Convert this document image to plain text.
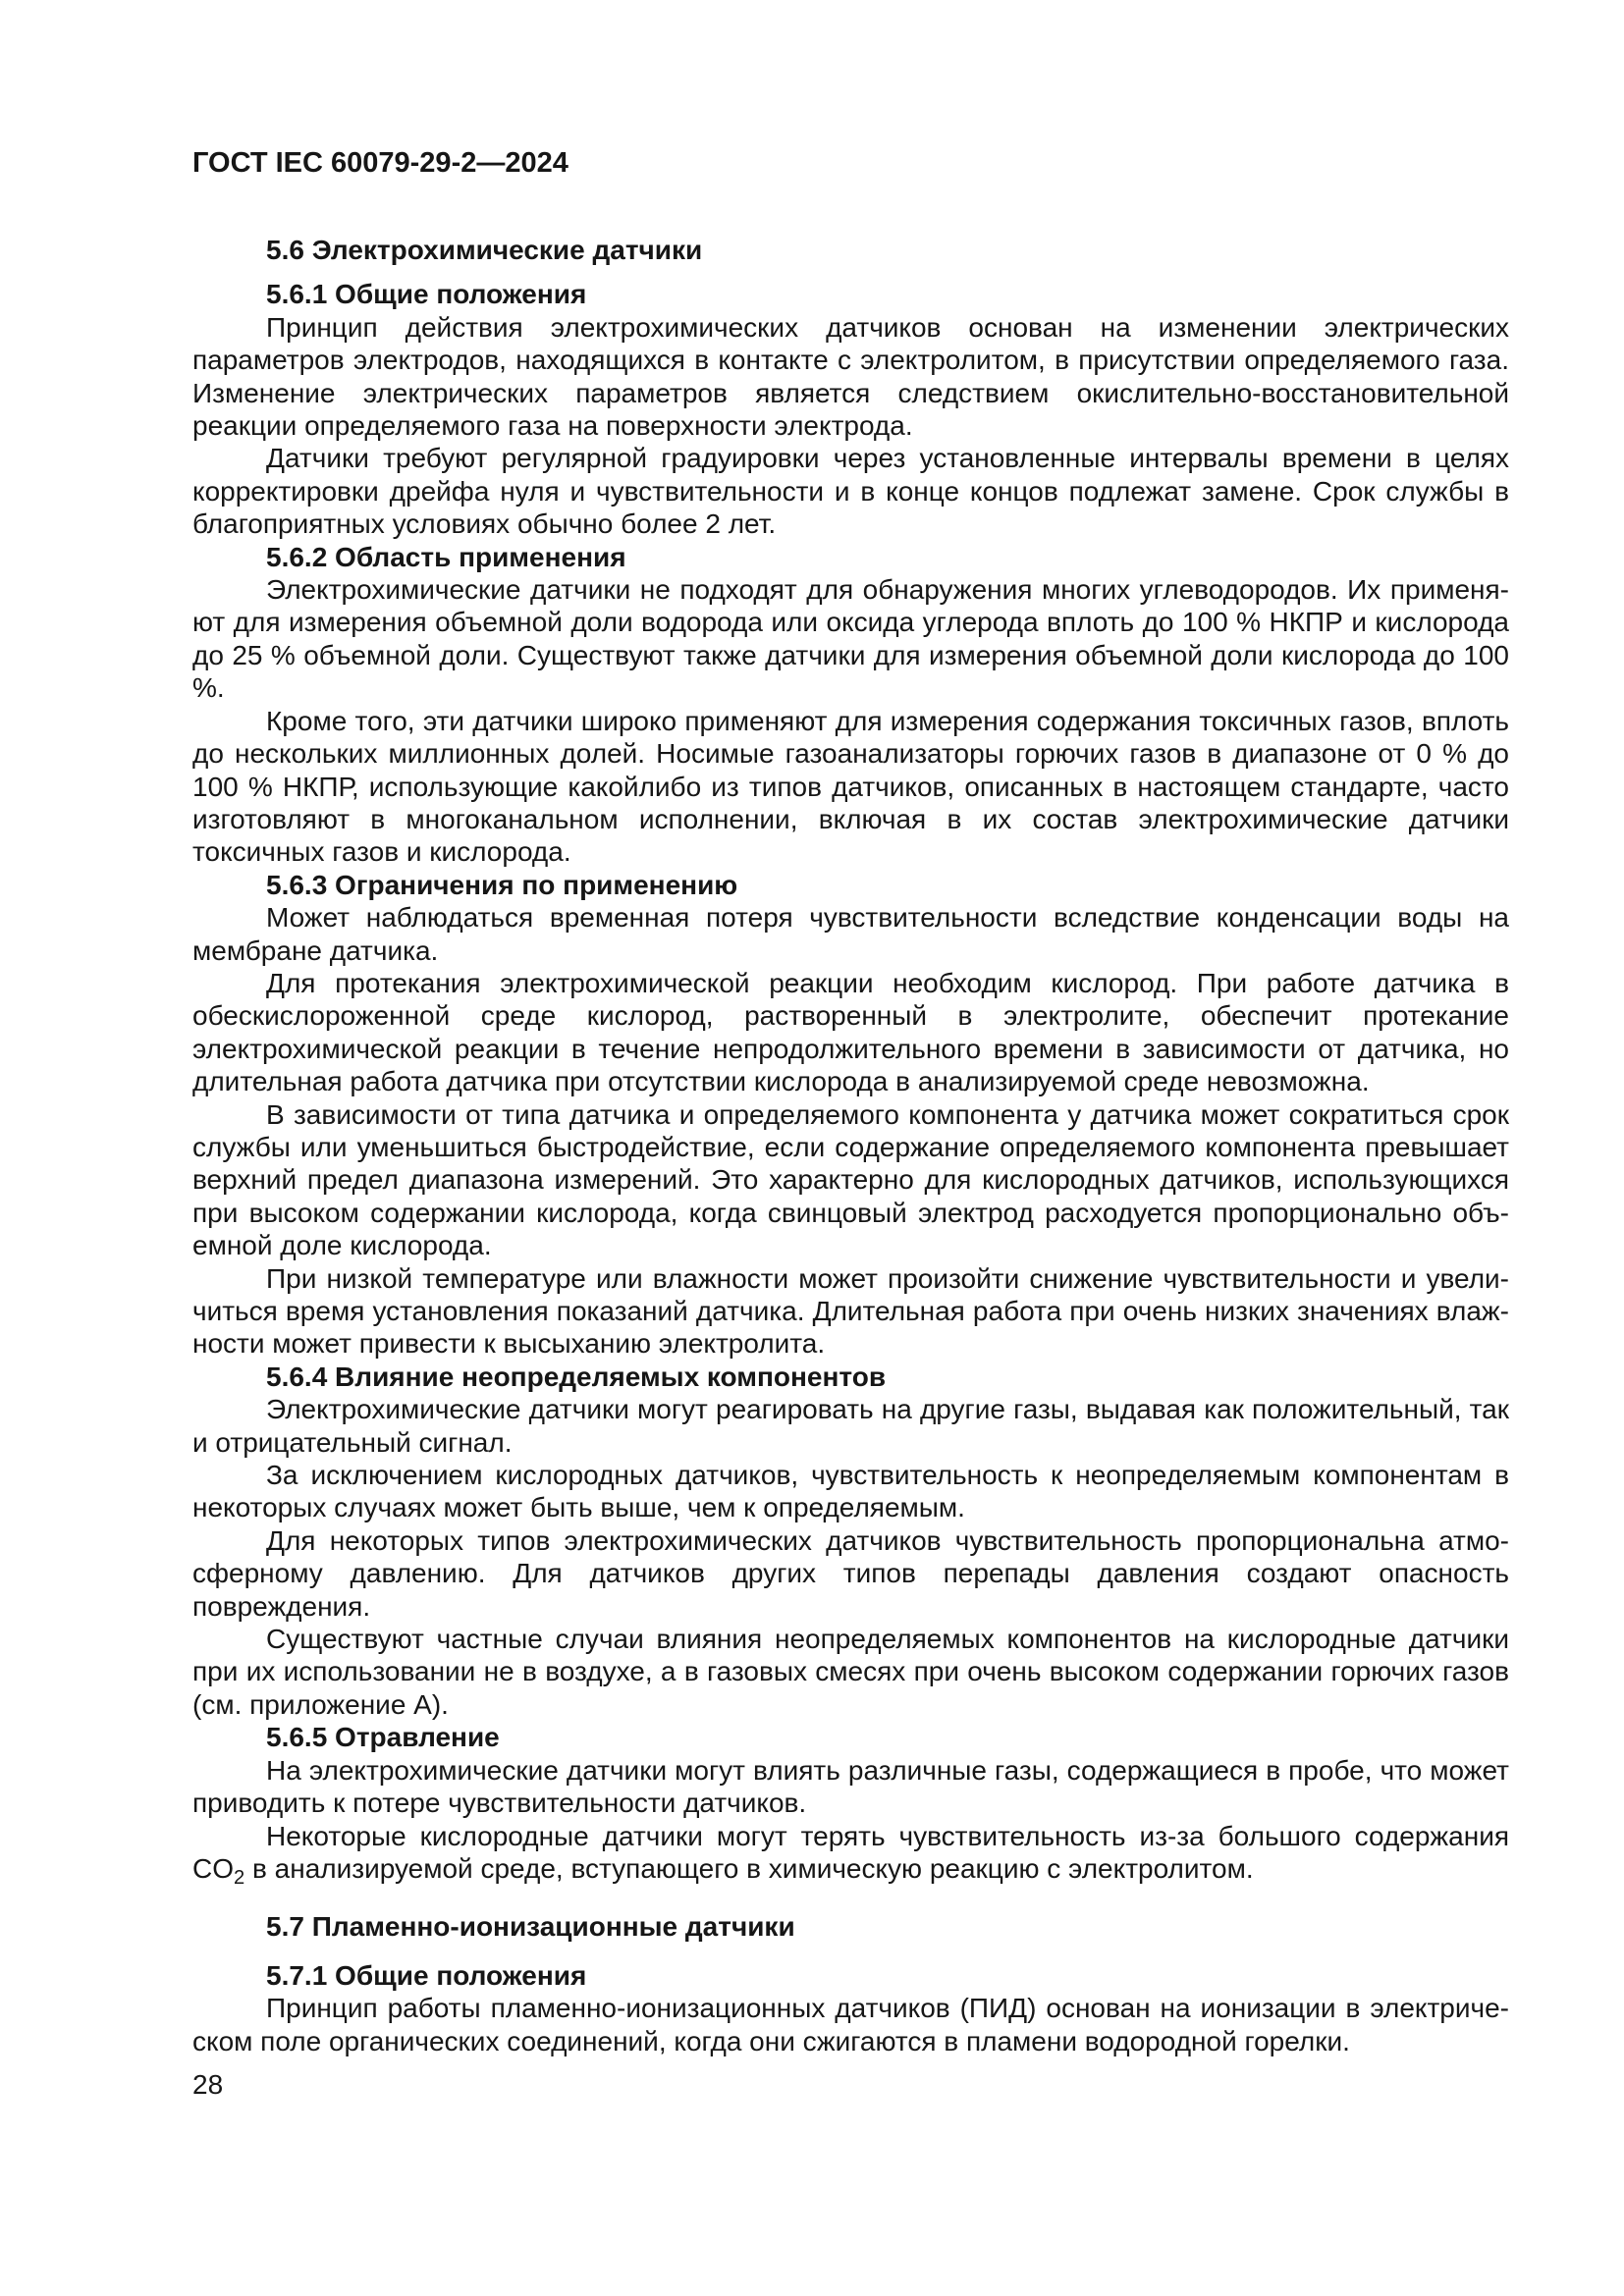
ГОСТ IEC 60079-29-2—2024

5.6 Электрохимические датчики

5.6.1 Общие положения

Принцип действия электрохимических датчиков основан на изменении электрических параметров электродов, находящихся в контакте с электролитом, в присутствии определяемого газа. Изменение электрических параметров является следствием окислительно-восстановительной реакции определяемого газа на поверхности электрода.

Датчики требуют регулярной градуировки через установленные интервалы времени в целях корректировки дрейфа нуля и чувствительности и в конце концов подлежат замене. Срок службы в благоприятных условиях обычно более 2 лет.

5.6.2 Область применения

Электрохимические датчики не подходят для обнаружения многих углеводородов. Их применяют для измерения объемной доли водорода или оксида углерода вплоть до 100 % НКПР и кислорода до 25 % объемной доли. Существуют также датчики для измерения объемной доли кислорода до 100 %.

Кроме того, эти датчики широко применяют для измерения содержания токсичных газов, вплоть до нескольких миллионных долей. Носимые газоанализаторы горючих газов в диапазоне от 0 % до 100 % НКПР, использующие какойлибо из типов датчиков, описанных в настоящем стандарте, часто изготовляют в многоканальном исполнении, включая в их состав электрохимические датчики токсичных газов и кислорода.

5.6.3 Ограничения по применению

Может наблюдаться временная потеря чувствительности вследствие конденсации воды на мембране датчика.

Для протекания электрохимической реакции необходим кислород. При работе датчика в обескислороженной среде кислород, растворенный в электролите, обеспечит протекание электрохимической реакции в течение непродолжительного времени в зависимости от датчика, но длительная работа датчика при отсутствии кислорода в анализируемой среде невозможна.

В зависимости от типа датчика и определяемого компонента у датчика может сократиться срок службы или уменьшиться быстродействие, если содержание определяемого компонента превышает верхний предел диапазона измерений. Это характерно для кислородных датчиков, использующихся при высоком содержании кислорода, когда свинцовый электрод расходуется пропорционально объемной доле кислорода.

При низкой температуре или влажности может произойти снижение чувствительности и увеличиться время установления показаний датчика. Длительная работа при очень низких значениях влажности может привести к высыханию электролита.

5.6.4 Влияние неопределяемых компонентов

Электрохимические датчики могут реагировать на другие газы, выдавая как положительный, так и отрицательный сигнал.

За исключением кислородных датчиков, чувствительность к неопределяемым компонентам в некоторых случаях может быть выше, чем к определяемым.

Для некоторых типов электрохимических датчиков чувствительность пропорциональна атмосферному давлению. Для датчиков других типов перепады давления создают опасность повреждения.

Существуют частные случаи влияния неопределяемых компонентов на кислородные датчики при их использовании не в воздухе, а в газовых смесях при очень высоком содержании горючих газов (см. приложение А).

5.6.5 Отравление

На электрохимические датчики могут влиять различные газы, содержащиеся в пробе, что может приводить к потере чувствительности датчиков.

Некоторые кислородные датчики могут терять чувствительность из-за большого содержания $CO_2$ в анализируемой среде, вступающего в химическую реакцию с электролитом.

5.7 Пламенно-ионизационные датчики

5.7.1 Общие положения

Принцип работы пламенно-ионизационных датчиков (ПИД) основан на ионизации в электрическом поле органических соединений, когда они сжигаются в пламени водородной горелки.

28
